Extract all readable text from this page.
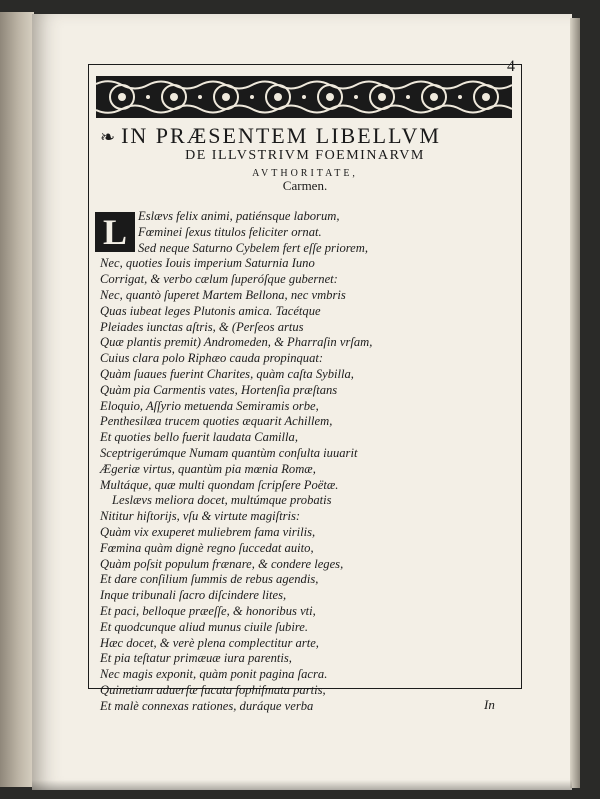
4
❧ IN PRÆSENTEM LIBELLVM
DE ILLVSTRIVM FOEMINARVM
AVTHORITATE,
Carmen.
L Eslævs felix animi, patiénsque laborum,
Fœminei ſexus titulos feliciter ornat.
Sed neque Saturno Cybelem fert eſſe priorem,
Nec, quoties Iouis imperium Saturnia Iuno
Corrigat, & verbo cælum ſuperóſque gubernet:
Nec, quantò ſuperet Martem Bellona, nec vmbris
Quas iubeat leges Plutonis amica. Tacétque
Pleiades iunctas aſtris, & (Perſeos artus
Quæ plantis premit) Andromeden, & Pharraſin vrſam,
Cuius clara polo Riphæo cauda propinquat:
Quàm ſuaues fuerint Charites, quàm caſta Sybilla,
Quàm pia Carmentis vates, Hortenſia præſtans
Eloquio, Aſſyrio metuenda Semiramis orbe,
Penthesilæa trucem quoties æquarit Achillem,
Et quoties bello fuerit laudata Camilla,
Sceptrigerúmque Numam quantùm conſulta iuuarit
Ægeriæ virtus, quantùm pia mœnia Romæ,
Multáque, quæ multi quondam ſcripſere Poëtæ.
Leslævs meliora docet, multúmque probatis
Nititur hiſtorijs, vſu & virtute magiſtris:
Quàm vix exuperet muliebrem fama virilis,
Fœmina quàm dignè regno ſuccedat auito,
Quàm poſsit populum frænare, & condere leges,
Et dare conſilium ſummis de rebus agendis,
Inque tribunali ſacro diſcindere lites,
Et paci, belloque præeſſe, & honoribus vti,
Et quodcunque aliud munus ciuile ſubire.
Hæc docet, & verè plena complectitur arte,
Et pia teſtatur primæuæ iura parentis,
Nec magis exponit, quàm ponit pagina ſacra.
Quinetiam aduerſæ fucata ſophiſmata partis,
Et malè connexas rationes, duráque verba	In
